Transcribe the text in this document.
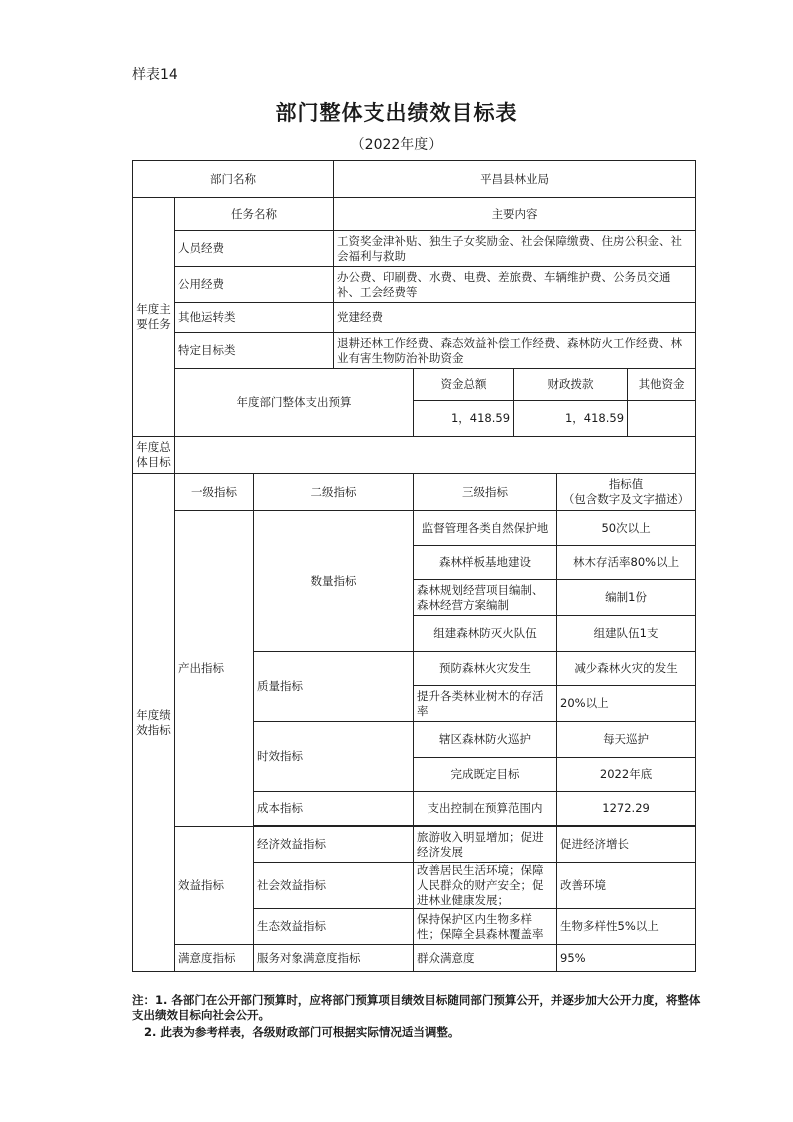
样表14
部门整体支出绩效目标表
（2022年度）
部门名称			平昌县林业局				
年度主要任务	任务名称		主要内容				
	人员经费		工资奖金津补贴、独生子女奖励金、社会保障缴费、住房公积金、社会福利与救助				
	公用经费		办公费、印刷费、水费、电费、差旅费、车辆维护费、公务员交通补、工会经费等				
	其他运转类		党建经费				
	特定目标类		退耕还林工作经费、森态效益补偿工作经费、森林防火工作经费、林业有害生物防治补助资金				
	年度部门整体支出预算			资金总额	财政拨款		其他资金
				1，418.59	1，418.59		
年度总体目标							
年度绩效指标	一级指标	二级指标		三级指标		指标值
（包含数字及文字描述）	
	产出指标	数量指标		监督管理各类自然保护地		50次以上	
				森林样板基地建设		林木存活率80%以上	
				森林规划经营项目编制、森林经营方案编制		编制1份	
				组建森林防灭火队伍		组建队伍1支	
		质量指标		预防森林火灾发生		减少森林火灾的发生	
				提升各类林业树木的存活率		20%以上	
		时效指标		辖区森林防火巡护		每天巡护	
				完成既定目标		2022年底	
		成本指标		支出控制在预算范围内		1272.29	

	效益指标	经济效益指标		旅游收入明显增加；促进经济发展		促进经济增长	
		社会效益指标		改善居民生活环境；保障人民群众的财产安全；促进林业健康发展；		改善环境	
		生态效益指标		保持保护区内生物多样性；保障全县森林覆盖率		生物多样性5%以上	
	满意度指标	服务对象满意度指标		群众满意度		95%	
注：1. 各部门在公开部门预算时，应将部门预算项目绩效目标随同部门预算公开，并逐步加大公开力度，将整体支出绩效目标向社会公开。
2. 此表为参考样表，各级财政部门可根据实际情况适当调整。
